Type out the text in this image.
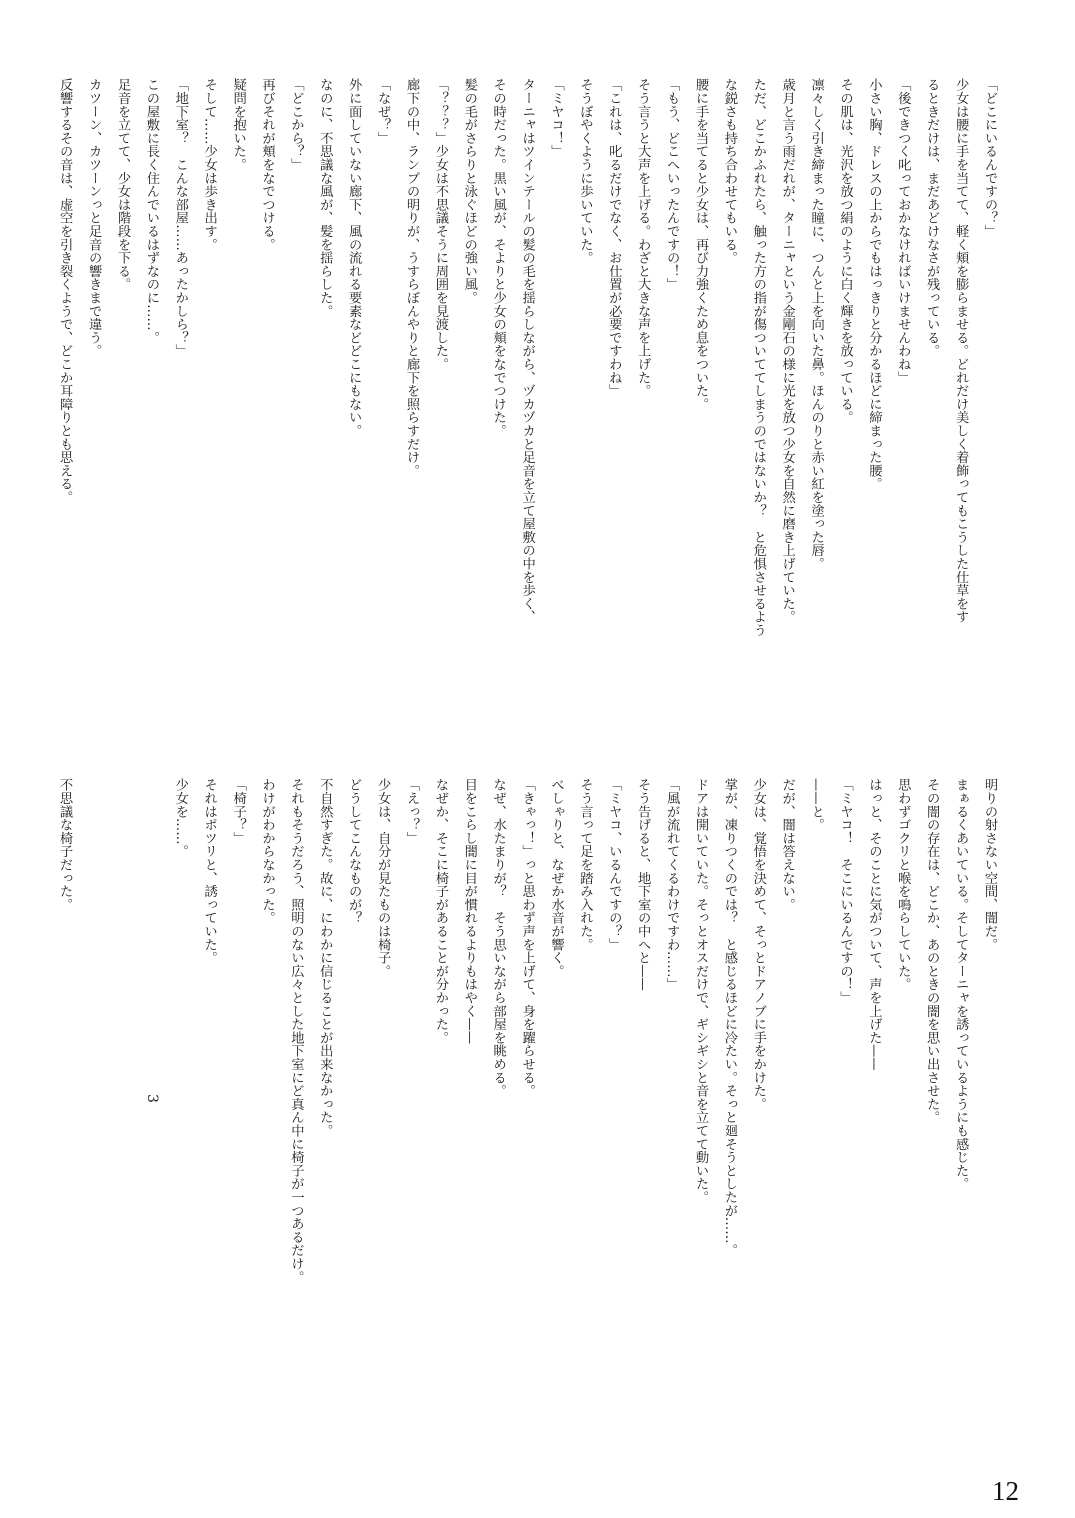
「どこにいるんですの？」
少女は腰に手を当てて、軽く頬を膨らませる。どれだけ美しく着飾ってもこうした仕草をす
るときだけは、まだあどけなさが残っている。
「後できつく叱っておかなければいけませんわね」
小さい胸、ドレスの上からでもはっきりと分かるほどに締まった腰。
その肌は、光沢を放つ絹のように白く輝きを放っている。
凛々しく引き締まった瞳に、つんと上を向いた鼻。ほんのりと赤い紅を塗った唇。
歳月と言う雨だれが、ターニャという金剛石の様に光を放つ少女を自然に磨き上げていた。
ただ、どこかふれたら、触った方の指が傷ついててしまうのではないか？　と危惧させるよう
な鋭さも持ち合わせてもいる。
腰に手を当てると少女は、再び力強くため息をついた。
「もう、どこへいったんですの！」
そう言うと大声を上げる。わざと大きな声を上げた。
「これは、叱るだけでなく、お仕置が必要ですわね」
そうぼやくように歩いていた。
「ミヤコ！」
ターニャはツインテールの髪の毛を揺らしながら、ヅカヅカと足音を立て屋敷の中を歩く、
その時だった。黒い風が、そよりと少女の頬をなでつけた。
髪の毛がさらりと泳ぐほどの強い風。
「？？？」少女は不思議そうに周囲を見渡した。
廊下の中、ランプの明りが、うすらぼんやりと廊下を照らすだけ。
「なぜ？」
外に面していない廊下、風の流れる要素などどこにもない。
なのに、不思議な風が、髪を揺らした。
「どこから？」
再びそれが頬をなでつける。
疑問を抱いた。
そして……少女は歩き出す。
「地下室？　こんな部屋……あったかしら？」
この屋敷に長く住んでいるはずなのに……。
足音を立てて、少女は階段を下る。
カツーン、カツーンっと足音の響きまで違う。
反響するその音は、虚空を引き裂くようで、どこか耳障りとも思える。
3
不思議な椅子だった。	明りの射さない空間、闇だ。
まぁるくあいている。そしてターニャを誘っているようにも感じた。
その闇の存在は、どこか、あのときの闇を思い出させた。
思わずゴクリと喉を鳴らしていた。
はっと、そのことに気がついて、声を上げた——
「ミヤコ！　そこにいるんですの！」
——と。
だが、闇は答えない。
少女は、覚悟を決めて、そっとドアノブに手をかけた。
掌が、凍りつくのでは？　と感じるほどに冷たい。そっと廻そうとしたが……。
ドアは開いていた。そっとオスだけで、ギシギシと音を立てて動いた。
「風が流れてくるわけですわ……」
そう告げると、地下室の中へと——
「ミヤコ、いるんですの？」
そう言って足を踏み入れた。
べしゃりと、なぜか水音が響く。
「きゃっ！」っと思わず声を上げて、身を躍らせる。
なぜ、水たまりが？　そう思いながら部屋を眺める。
目をこらし闇に目が慣れるよりもはやく——
なぜか、そこに椅子があることが分かった。
「えっ？」
少女は、自分が見たものは椅子。
どうしてこんなものが？
不自然すぎた。故に、にわかに信じることが出来なかった。
それもそうだろう、照明のない広々とした地下室にど真ん中に椅子が一つあるだけ。
わけがわからなかった。
「椅子？」
それはポツリと、誘っていた。
少女を……。
12
